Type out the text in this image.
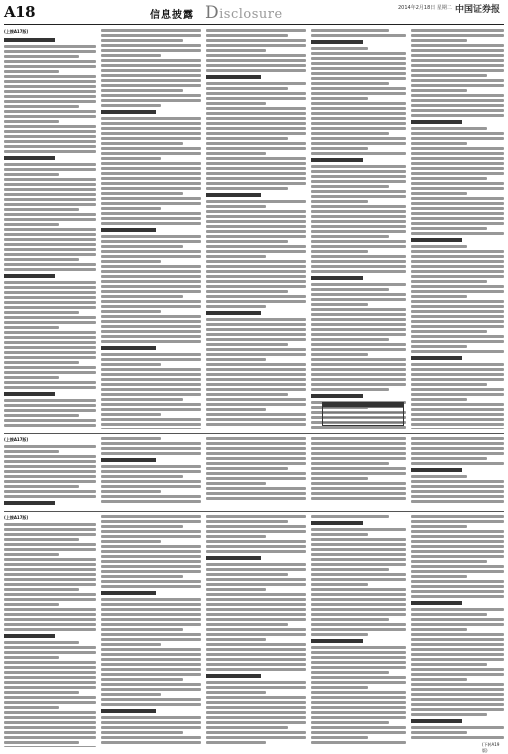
A18	信息披露 Disclosure	2014年2月18日 星期二 中国证券报
(上接A17版)
(上接A17版)
(上接A17版)
(下转A19版)
